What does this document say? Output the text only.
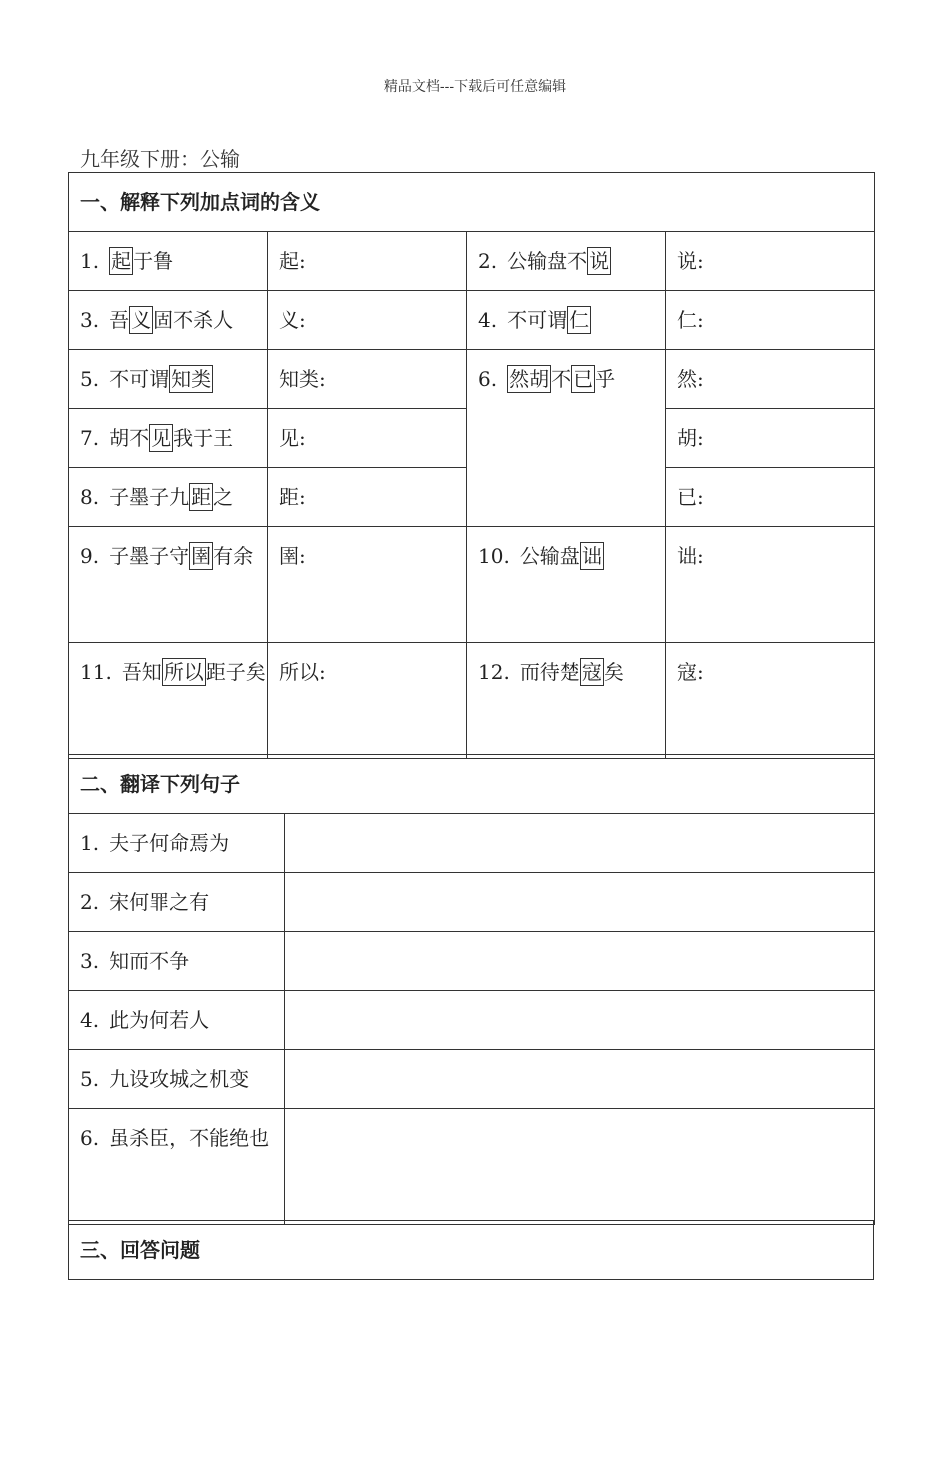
精品文档---下载后可任意编辑
九年级下册：公输
一、解释下列加点词的含义			

1. 起 于鲁	起:	2. 公输盘不 说	说:

3. 吾 义 固不杀人	义:	4. 不可谓 仁	仁:

5. 不可谓 知类	知类:	6. 然胡 不 已 乎	然:

7. 胡不 见 我于王	见:		胡:

8. 子墨子九 距 之	距:		已:

9. 子墨子守 圉 有余	圉:	10. 公输盘 诎	诎:

11. 吾知 所以 距子矣	所以:	12. 而待楚 寇 矣	寇:
二、翻译下列句子	

1. 夫子何命焉为	

2. 宋何罪之有	

3. 知而不争	

4. 此为何若人	

5. 九设攻城之机变	

6. 虽杀臣，不能绝也	

三、回答问题
